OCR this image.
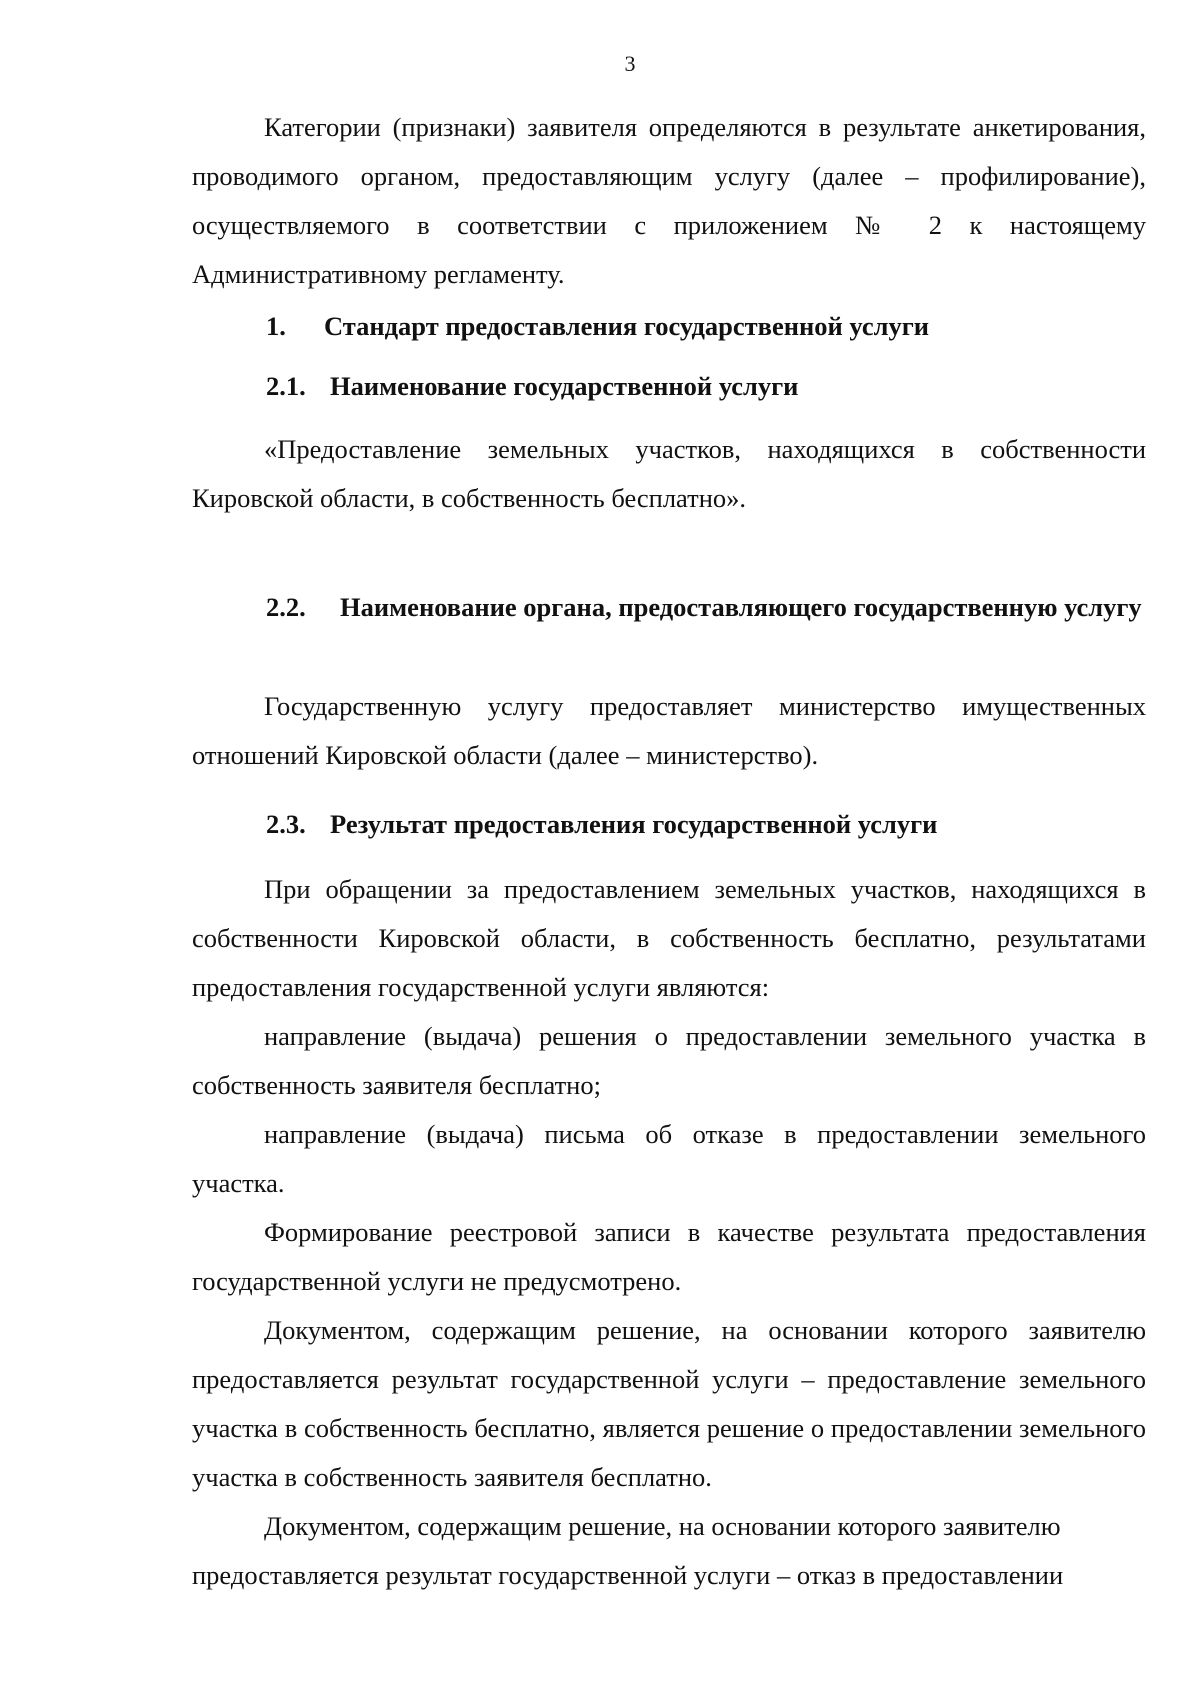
3

Категории (признаки) заявителя определяются в результате анкетирования, проводимого органом, предоставляющим услугу (далее – профилирование), осуществляемого в соответствии с приложением № 2 к настоящему Административному регламенту.

1.	Стандарт предоставления государственной услуги
2.1. Наименование государственной услуги

«Предоставление земельных участков, находящихся в собственности Кировской области, в собственность бесплатно».

2.2.	Наименование органа, предоставляющего государственную услугу

Государственную услугу предоставляет министерство имущественных отношений Кировской области (далее – министерство).

2.3. Результат предоставления государственной услуги

При обращении за предоставлением земельных участков, находящихся в собственности Кировской области, в собственность бесплатно, результатами предоставления государственной услуги являются:

направление (выдача) решения о предоставлении земельного участка в собственность заявителя бесплатно;

направление (выдача) письма об отказе в предоставлении земельного участка.

Формирование реестровой записи в качестве результата предоставления государственной услуги не предусмотрено.

Документом, содержащим решение, на основании которого заявителю предоставляется результат государственной услуги – предоставление земельного участка в собственность бесплатно, является решение о предоставлении земельного участка в собственность заявителя бесплатно.

Документом, содержащим решение, на основании которого заявителю предоставляется результат государственной услуги – отказ в предоставлении
